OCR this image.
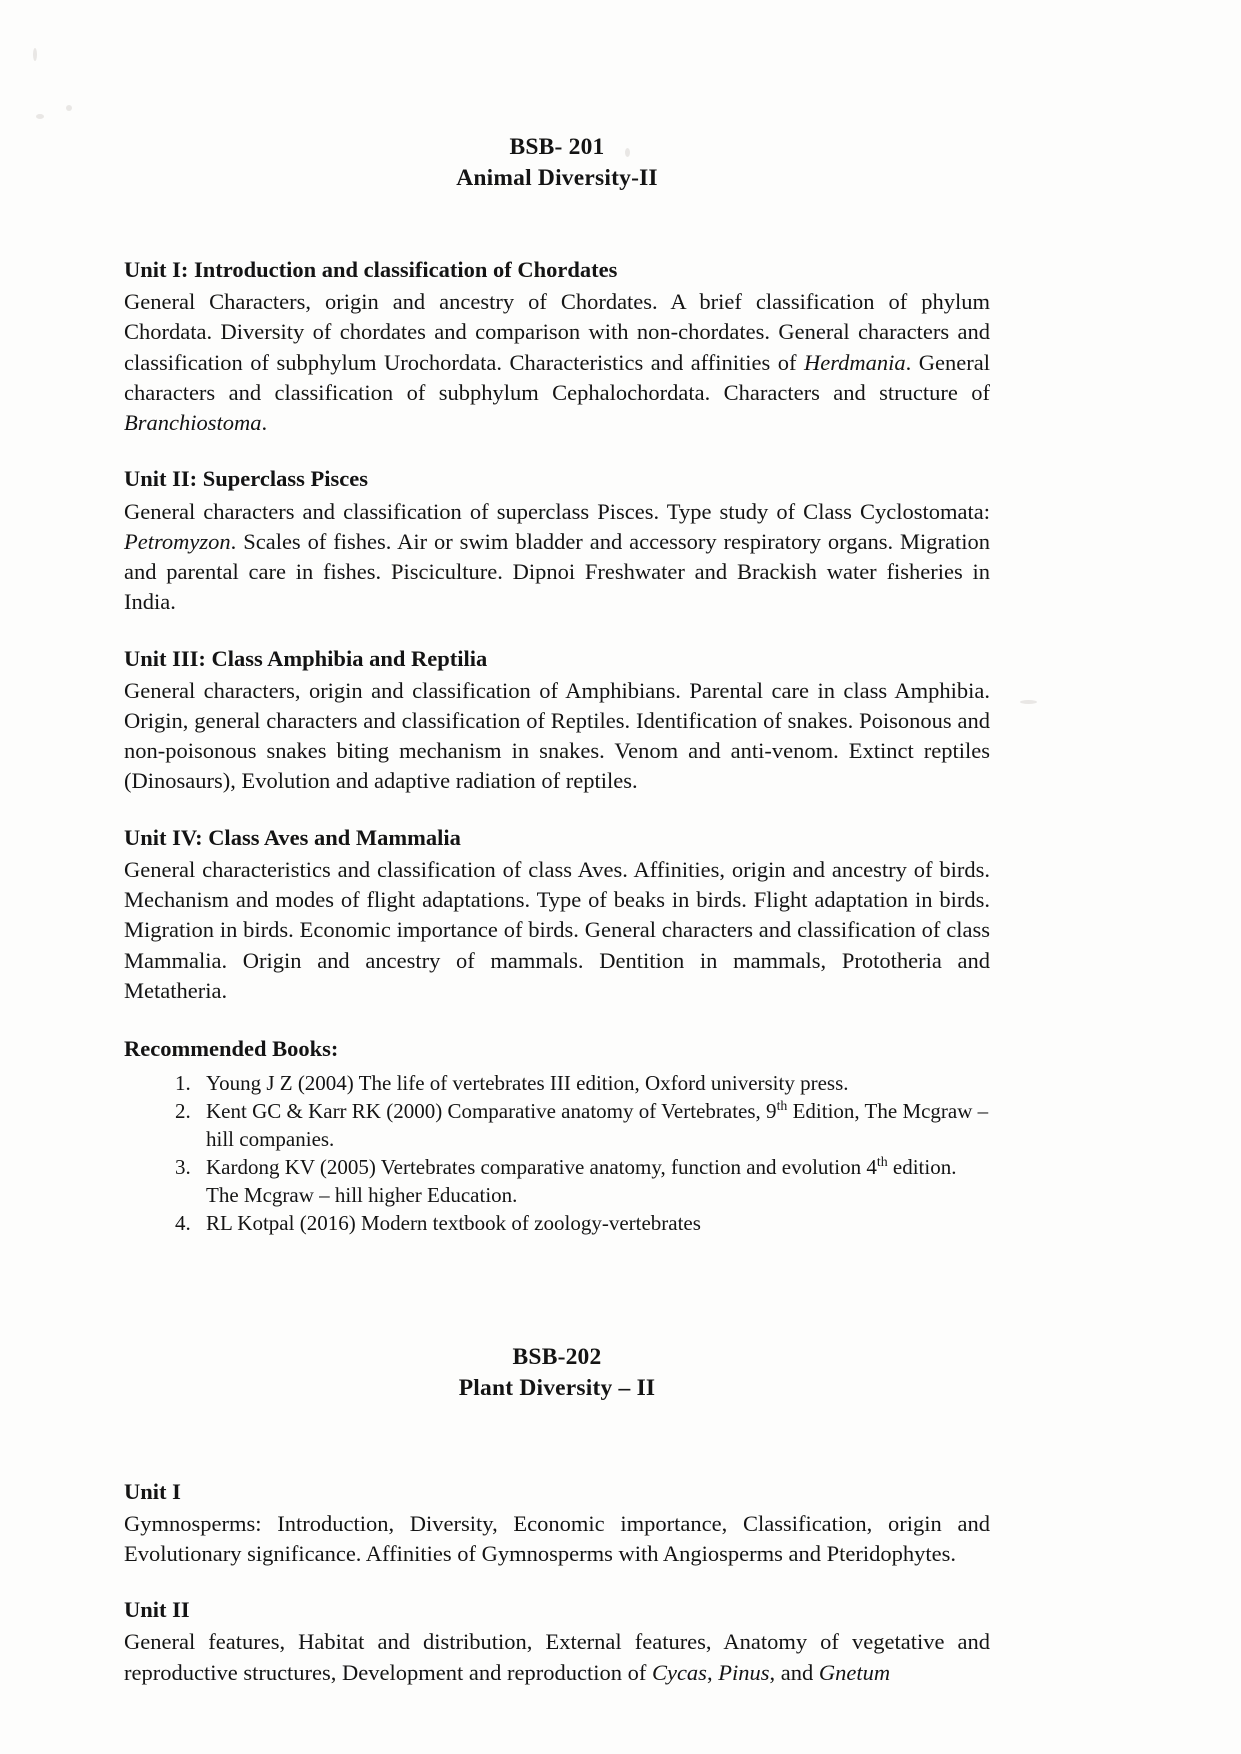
BSB- 201
Animal Diversity-II
Unit I: Introduction and classification of Chordates

General Characters, origin and ancestry of Chordates. A brief classification of phylum Chordata. Diversity of chordates and comparison with non-chordates. General characters and classification of subphylum Urochordata. Characteristics and affinities of Herdmania. General characters and classification of subphylum Cephalochordata. Characters and structure of Branchiostoma.

Unit II: Superclass Pisces

General characters and classification of superclass Pisces. Type study of Class Cyclostomata: Petromyzon. Scales of fishes. Air or swim bladder and accessory respiratory organs. Migration and parental care in fishes. Pisciculture. Dipnoi Freshwater and Brackish water fisheries in India.

Unit III: Class Amphibia and Reptilia

General characters, origin and classification of Amphibians. Parental care in class Amphibia. Origin, general characters and classification of Reptiles. Identification of snakes. Poisonous and non-poisonous snakes biting mechanism in snakes. Venom and anti-venom. Extinct reptiles (Dinosaurs), Evolution and adaptive radiation of reptiles.

Unit IV: Class Aves and Mammalia

General characteristics and classification of class Aves. Affinities, origin and ancestry of birds. Mechanism and modes of flight adaptations. Type of beaks in birds. Flight adaptation in birds. Migration in birds. Economic importance of birds. General characters and classification of class Mammalia. Origin and ancestry of mammals. Dentition in mammals, Prototheria and Metatheria.

Recommended Books:
1. Young J Z (2004) The life of vertebrates III edition, Oxford university press.
2. Kent GC & Karr RK (2000) Comparative anatomy of Vertebrates, 9th Edition, The Mcgraw – hill companies.
3. Kardong KV (2005) Vertebrates comparative anatomy, function and evolution 4th edition. The Mcgraw – hill higher Education.
4. RL Kotpal (2016) Modern textbook of zoology-vertebrates
BSB-202
Plant Diversity – II
Unit I

Gymnosperms: Introduction, Diversity, Economic importance, Classification, origin and Evolutionary significance. Affinities of Gymnosperms with Angiosperms and Pteridophytes.

Unit II

General features, Habitat and distribution, External features, Anatomy of vegetative and reproductive structures, Development and reproduction of Cycas, Pinus, and Gnetum
